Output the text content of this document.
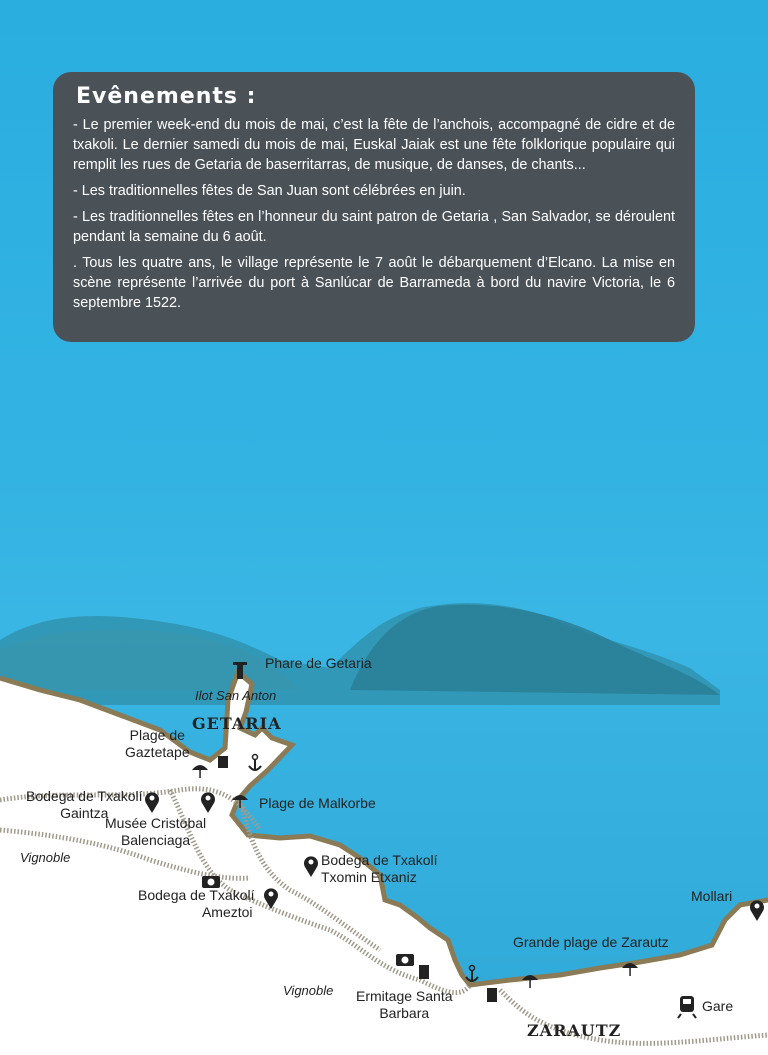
Evênements :

- Le premier week-end du mois de mai, c’est la fête de l’anchois, accompagné de cidre et de txakoli. Le dernier samedi du mois de mai, Euskal Jaiak est une fête folklorique populaire qui remplit les rues de Getaria de baserritarras, de musique, de danses, de chants...

- Les traditionnelles fêtes de San Juan sont célébrées en juin.

- Les traditionnelles fêtes en l’honneur du saint patron de Getaria , San Salvador, se déroulent pendant la semaine du 6 août.

. Tous les quatre ans, le village représente le 7 août le débarquement d’Elcano. La mise en scène représente l’arrivée du port à Sanlúcar de Barrameda à bord du navire Victoria, le 6 septembre 1522.

Phare de Getaria
Ilot San Anton
GETARIA
Plage de
Gaztetape
Bodega de Txakolí
Gaintza
Musée Cristobal
Balenciaga
Vignoble
Plage de Malkorbe
Bodega de Txakolí
Txomin Etxaniz
Bodega de Txakolí
Ameztoi
Mollari
Grande plage de Zarautz
Vignoble Ermitage Santa
Barbara	Gare
ZARAUTZ
